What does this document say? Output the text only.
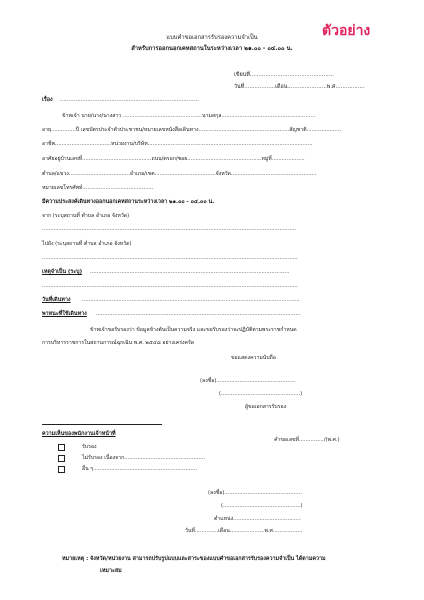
ตัวอย่าง
แบบคำขอเอกสารรับรองความจำเป็น
สำหรับการออกนอกเคหสถานในระหว่างเวลา ๒๑.๐๐ - ๐๔.๐๐ น.
เขียนที่.................................................
วันที่..................เดือน.......................พ.ศ.................
เรื่อง .................................................................................
ข้าพเจ้า นาย/นาง/นางสาว ................................................นามสกุล.........................................................
อายุ...............ปี เลขบัตรประจำตัวประชาชน/หมายเลขหนังสือเดินทาง.......................................................สัญชาติ.....................
อาชีพ..................................หน่วยงาน/บริษัท....................................................................................................
อาศัยอยู่บ้านเลขที่..........................................ถนน/ตรอก/ซอย.............................................หมู่ที่....................
ตำบล/แขวง.....................................อำเภอ/เขต.....................................จังหวัด....................................................
หมายเลขโทรศัพท์...........................................
มีความประสงค์เดินทางออกนอกเคหสถานระหว่างเวลา ๒๑.๐๐ - ๐๔.๐๐ น.
จาก (ระบุสถานที่ ตำบล อำเภอ จังหวัด)
..........................................................................................................................................................
ไปยัง (ระบุสถานที่ ตำบล อำเภอ จังหวัด)
...........................................................................................................................................................
เหตุจำเป็น (ระบุ) .........................................................................................................................
...........................................................................................................................................................
วันที่เดินทาง ....................................................................................................................................
พาหนะที่ใช้เดินทาง ............................................................................................................................
ข้าพเจ้าขอรับรองว่า ข้อมูลข้างต้นเป็นความจริง และขอรับรองว่าจะปฏิบัติตามพระราชกำหนด
การบริหารราชการในสถานการณ์ฉุกเฉิน พ.ศ. ๒๕๔๘ อย่างเคร่งครัด
ขอแสดงความนับถือ
(ลงชื่อ)................................................
(................................................)
ผู้ขอเอกสารรับรอง
ความเห็นของพนักงานเจ้าหน้าที่
คำขอเลขที่.............../(พ.ศ.)
รับรอง
ไม่รับรอง เนื่องจาก.................................................
อื่น ๆ...............................................................
(ลงชื่อ)...............................................
(...............................................)
ตำแหน่ง.........................................
วันที่..............เดือน.....................พ.ศ..................
หมายเหตุ : จังหวัด/หน่วยงาน สามารถปรับรูปแบบและสาระของแบบคำขอเอกสารรับรองความจำเป็น ได้ตามความ
เหมาะสม
